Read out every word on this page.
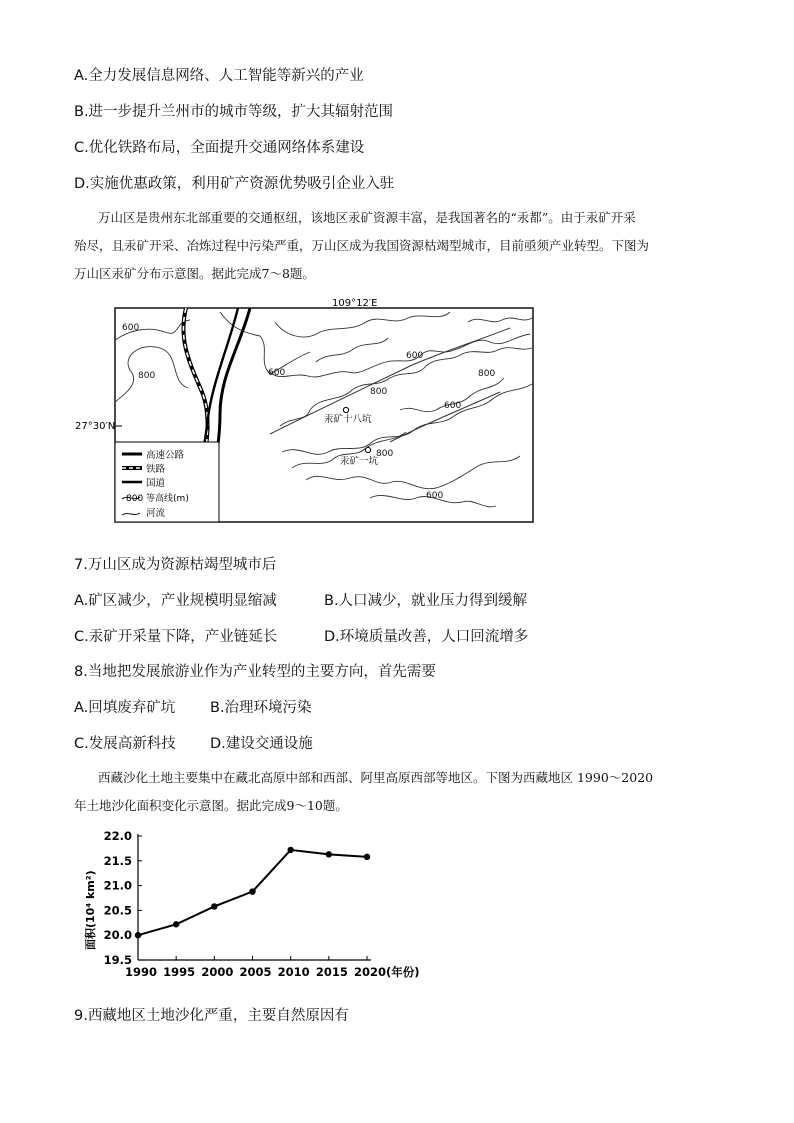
A.全力发展信息网络、人工智能等新兴的产业
B.进一步提升兰州市的城市等级，扩大其辐射范围
C.优化铁路布局，全面提升交通网络体系建设
D.实施优惠政策，利用矿产资源优势吸引企业入驻
万山区是贵州东北部重要的交通枢纽，该地区汞矿资源丰富，是我国著名的“汞都”。由于汞矿开采
殆尽，且汞矿开采、冶炼过程中污染严重，万山区成为我国资源枯竭型城市，目前亟须产业转型。下图为
万山区汞矿分布示意图。据此完成7～8题。
109°12′E
27°30′N
600
800	600
800
600
800
600
800
600
汞矿十八坑
汞矿一坑
高速公路
铁路
国道
800 等高线(m)
河流
7.万山区成为资源枯竭型城市后
A.矿区减少，产业规模明显缩减	B.人口减少，就业压力得到缓解
C.汞矿开采量下降，产业链延长	D.环境质量改善，人口回流增多
8.当地把发展旅游业作为产业转型的主要方向，首先需要
A.回填废弃矿坑 B.治理环境污染
C.发展高新科技 D.建设交通设施
西藏沙化土地主要集中在藏北高原中部和西部、阿里高原西部等地区。下图为西藏地区 1990～2020
年土地沙化面积变化示意图。据此完成9～10题。
22.0
21.5
21.0
20.5
20.0
19.5
1990 1995 2000 2005 2010 2015 2020(年份)
面积(10⁴ km²)
9.西藏地区土地沙化严重，主要自然原因有
